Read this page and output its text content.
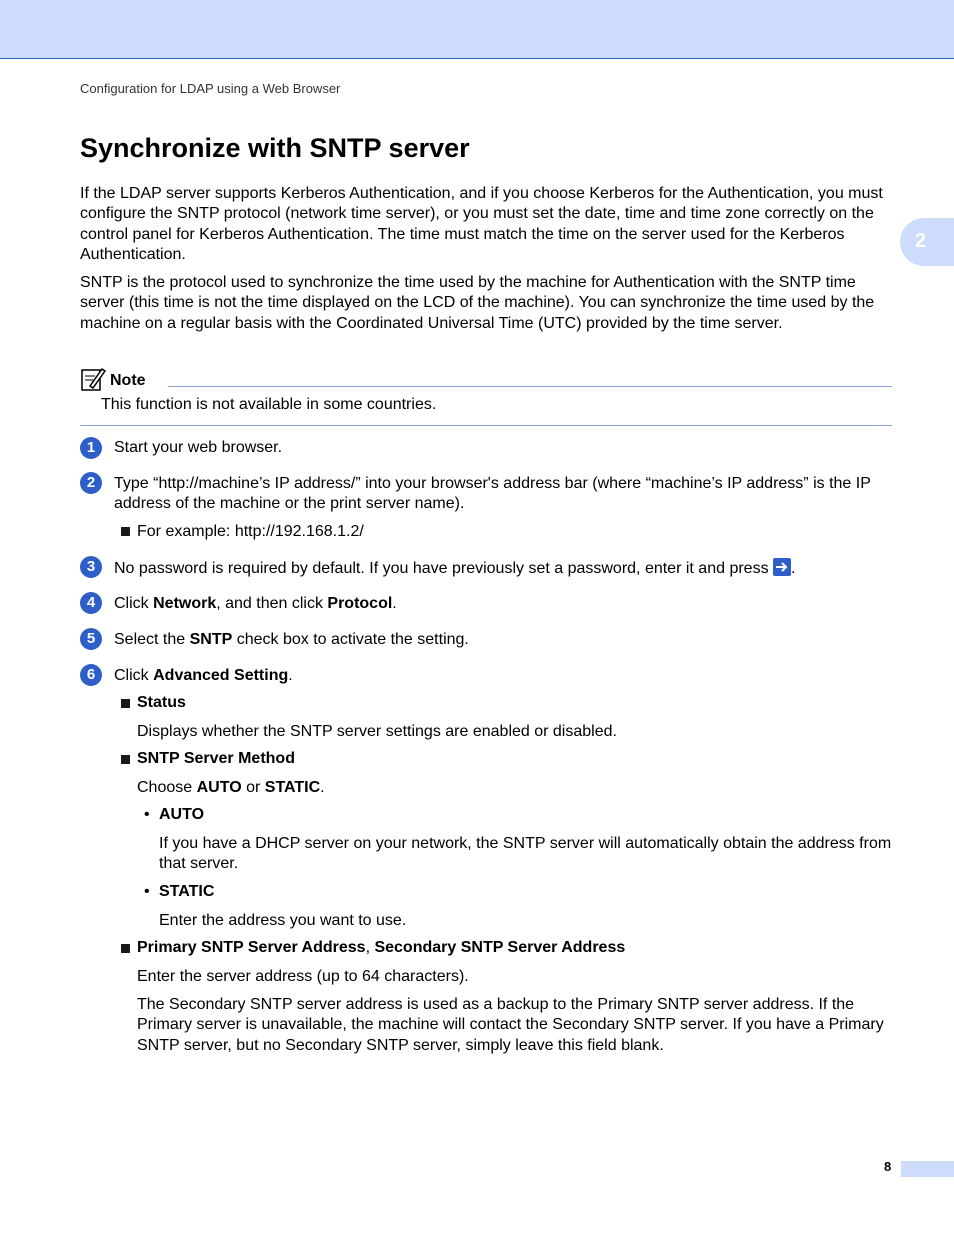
Configuration for LDAP using a Web Browser
2
Synchronize with SNTP server

If the LDAP server supports Kerberos Authentication, and if you choose Kerberos for the Authentication, you must configure the SNTP protocol (network time server), or you must set the date, time and time zone correctly on the control panel for Kerberos Authentication. The time must match the time on the server used for the Kerberos Authentication.

SNTP is the protocol used to synchronize the time used by the machine for Authentication with the SNTP time server (this time is not the time displayed on the LCD of the machine). You can synchronize the time used by the machine on a regular basis with the Coordinated Universal Time (UTC) provided by the time server.

Note
This function is not available in some countries.
1	Start your web browser.

2	Type “http://machine’s IP address/” into your browser's address bar (where “machine’s IP address” is the IP address of the machine or the print server name).

For example: http://192.168.1.2/

3	No password is required by default. If you have previously set a password, enter it and press .

4	Click Network, and then click Protocol.

5	Select the SNTP check box to activate the setting.

6	Click Advanced Setting.

Status

Displays whether the SNTP server settings are enabled or disabled.

SNTP Server Method

Choose AUTO or STATIC.

• AUTO

If you have a DHCP server on your network, the SNTP server will automatically obtain the address from that server.

• STATIC

Enter the address you want to use.

Primary SNTP Server Address, Secondary SNTP Server Address

Enter the server address (up to 64 characters).

The Secondary SNTP server address is used as a backup to the Primary SNTP server address. If the Primary server is unavailable, the machine will contact the Secondary SNTP server. If you have a Primary SNTP server, but no Secondary SNTP server, simply leave this field blank.

8
